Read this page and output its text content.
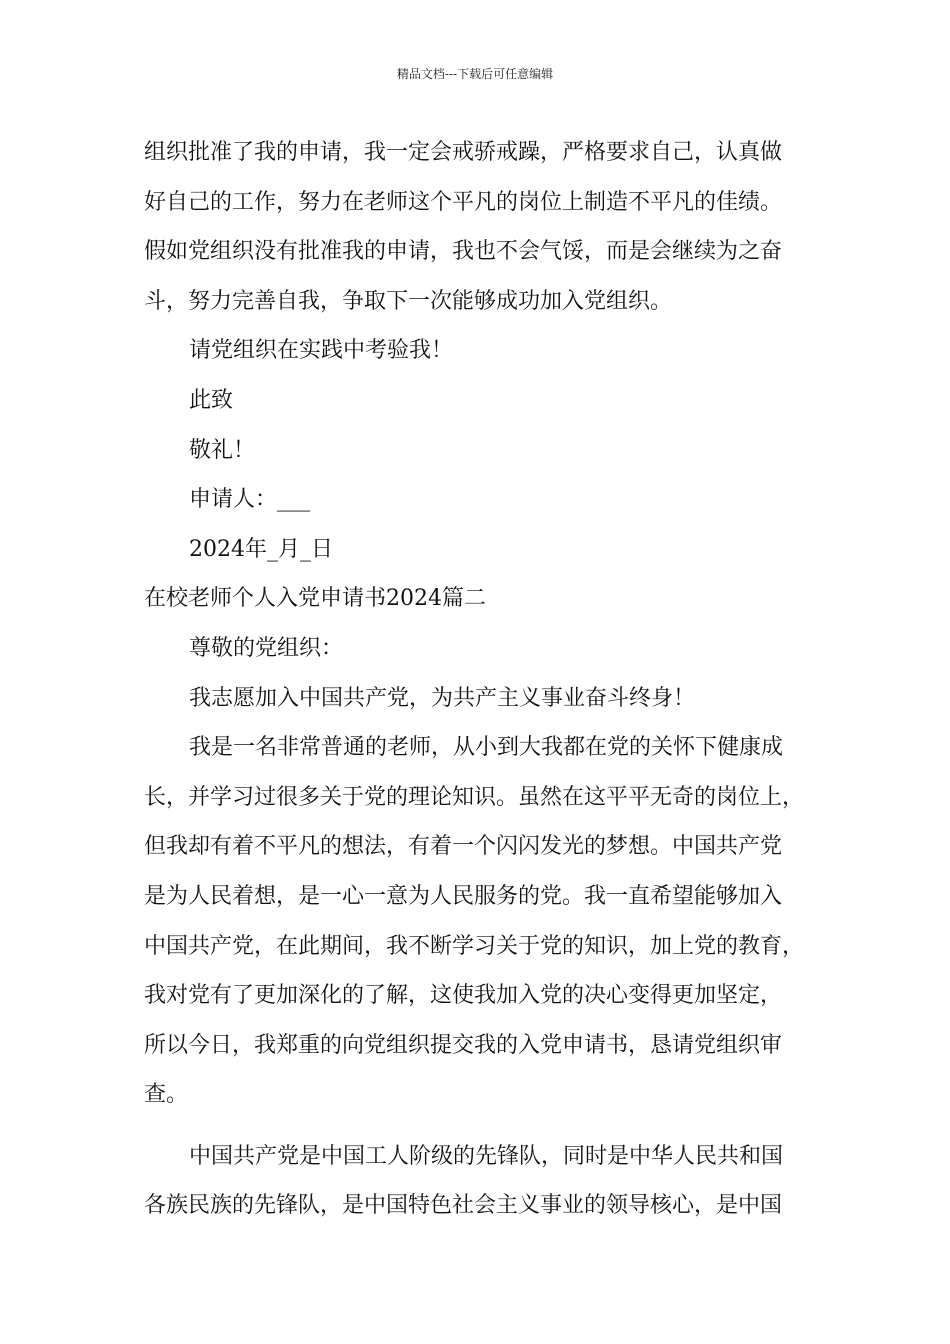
精品文档---下载后可任意编辑
组织批准了我的申请，我一定会戒骄戒躁，严格要求自己，认真做
好自己的工作，努力在老师这个平凡的岗位上制造不平凡的佳绩。
假如党组织没有批准我的申请，我也不会气馁，而是会继续为之奋
斗，努力完善自我，争取下一次能够成功加入党组织。
请党组织在实践中考验我！
此致
敬礼！
申请人：___
2024年_月_日
在校老师个人入党申请书2024篇二
尊敬的党组织：
我志愿加入中国共产党，为共产主义事业奋斗终身！
我是一名非常普通的老师，从小到大我都在党的关怀下健康成
长，并学习过很多关于党的理论知识。虽然在这平平无奇的岗位上，
但我却有着不平凡的想法，有着一个闪闪发光的梦想。中国共产党
是为人民着想，是一心一意为人民服务的党。我一直希望能够加入
中国共产党，在此期间，我不断学习关于党的知识，加上党的教育，
我对党有了更加深化的了解，这使我加入党的决心变得更加坚定，
所以今日，我郑重的向党组织提交我的入党申请书，恳请党组织审
查。
中国共产党是中国工人阶级的先锋队，同时是中华人民共和国
各族民族的先锋队，是中国特色社会主义事业的领导核心，是中国
